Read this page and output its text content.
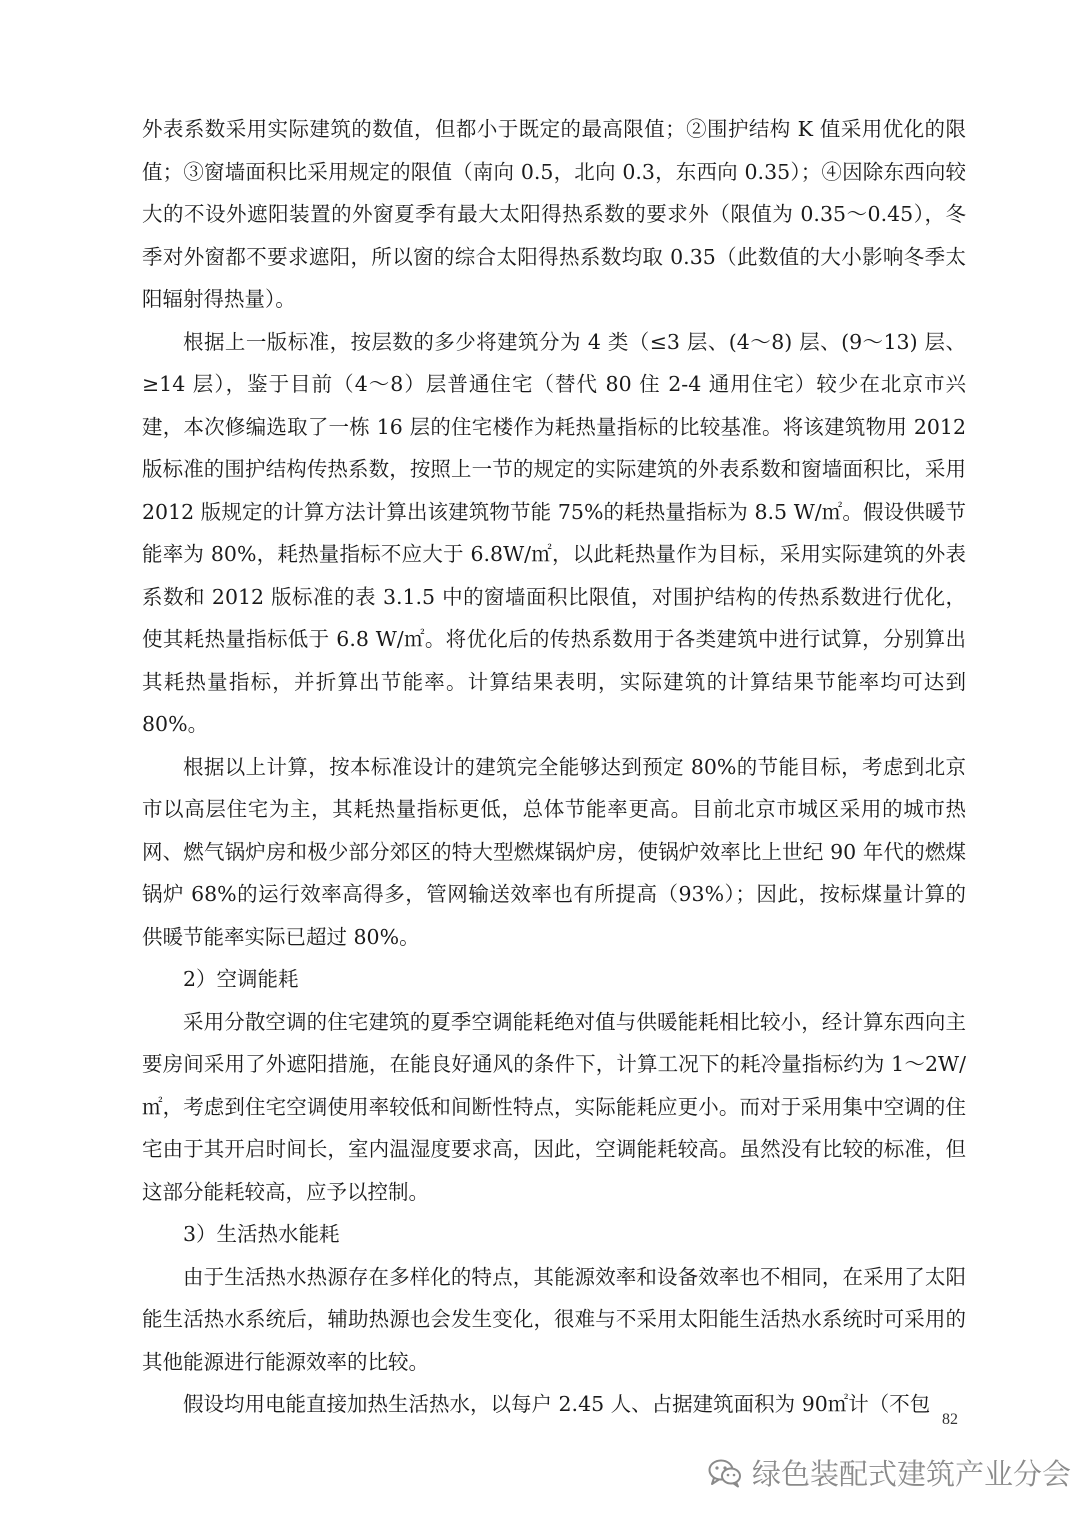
外表系数采用实际建筑的数值，但都小于既定的最高限值；②围护结构 K 值采用优化的限值；③窗墙面积比采用规定的限值（南向 0.5，北向 0.3，东西向 0.35）；④因除东西向较大的不设外遮阳装置的外窗夏季有最大太阳得热系数的要求外（限值为 0.35～0.45），冬季对外窗都不要求遮阳，所以窗的综合太阳得热系数均取 0.35（此数值的大小影响冬季太阳辐射得热量）。

根据上一版标准，按层数的多少将建筑分为 4 类（≤3 层、(4～8) 层、(9～13) 层、≥14 层），鉴于目前（4～8）层普通住宅（替代 80 住 2-4 通用住宅）较少在北京市兴建，本次修编选取了一栋 16 层的住宅楼作为耗热量指标的比较基准。将该建筑物用 2012 版标准的围护结构传热系数，按照上一节的规定的实际建筑的外表系数和窗墙面积比，采用 2012 版规定的计算方法计算出该建筑物节能 75%的耗热量指标为 8.5 W/㎡。假设供暖节能率为 80%，耗热量指标不应大于 6.8W/㎡，以此耗热量作为目标，采用实际建筑的外表系数和 2012 版标准的表 3.1.5 中的窗墙面积比限值，对围护结构的传热系数进行优化，使其耗热量指标低于 6.8 W/㎡。将优化后的传热系数用于各类建筑中进行试算，分别算出其耗热量指标，并折算出节能率。计算结果表明，实际建筑的计算结果节能率均可达到 80%。

根据以上计算，按本标准设计的建筑完全能够达到预定 80%的节能目标，考虑到北京市以高层住宅为主，其耗热量指标更低，总体节能率更高。目前北京市城区采用的城市热网、燃气锅炉房和极少部分郊区的特大型燃煤锅炉房，使锅炉效率比上世纪 90 年代的燃煤锅炉 68%的运行效率高得多，管网输送效率也有所提高（93%）；因此，按标煤量计算的供暖节能率实际已超过 80%。

2）空调能耗

采用分散空调的住宅建筑的夏季空调能耗绝对值与供暖能耗相比较小，经计算东西向主要房间采用了外遮阳措施，在能良好通风的条件下，计算工况下的耗冷量指标约为 1～2W/㎡，考虑到住宅空调使用率较低和间断性特点，实际能耗应更小。而对于采用集中空调的住宅由于其开启时间长，室内温湿度要求高，因此，空调能耗较高。虽然没有比较的标准，但这部分能耗较高，应予以控制。

3）生活热水能耗

由于生活热水热源存在多样化的特点，其能源效率和设备效率也不相同，在采用了太阳能生活热水系统后，辅助热源也会发生变化，很难与不采用太阳能生活热水系统时可采用的其他能源进行能源效率的比较。

假设均用电能直接加热生活热水，以每户 2.45 人、占据建筑面积为 90㎡计（不包

82
绿色装配式建筑产业分会
